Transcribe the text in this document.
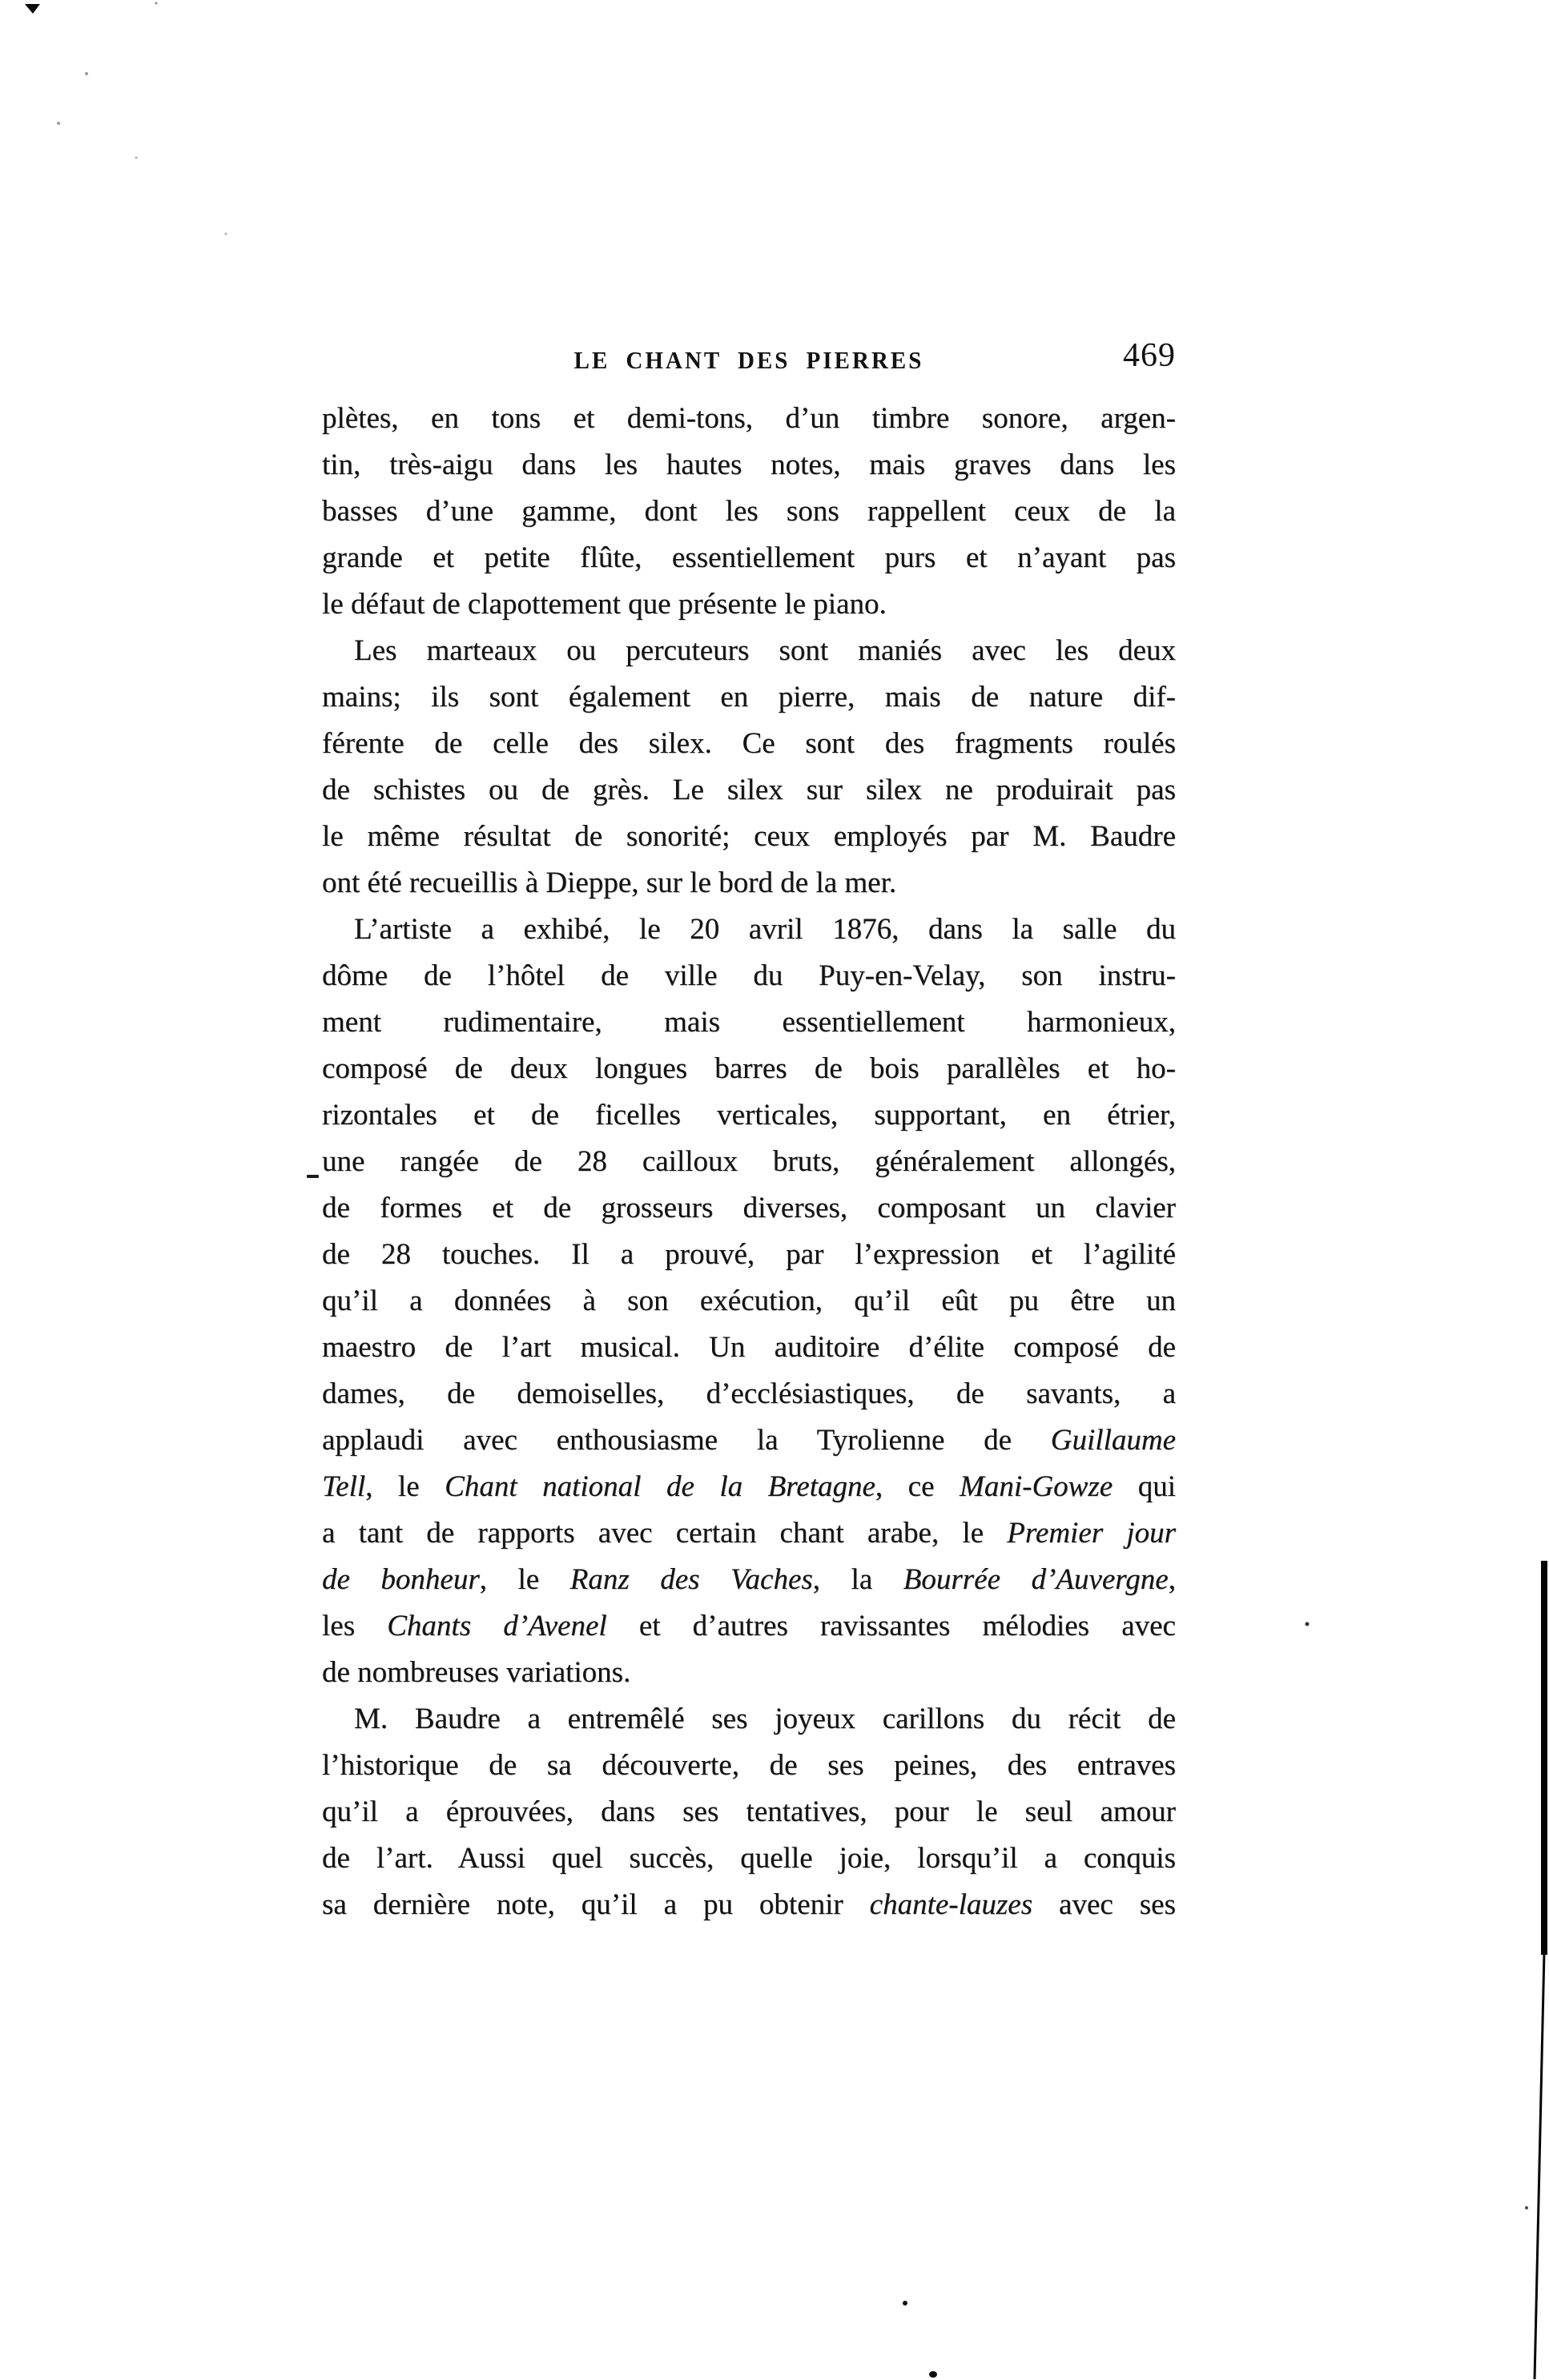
LE CHANT DES PIERRES	469
plètes, en tons et demi-tons, d’un timbre sonore, argen-
tin, très-aigu dans les hautes notes, mais graves dans les
basses d’une gamme, dont les sons rappellent ceux de la
grande et petite flûte, essentiellement purs et n’ayant pas
le défaut de clapottement que présente le piano.
Les marteaux ou percuteurs sont maniés avec les deux
mains; ils sont également en pierre, mais de nature dif-
férente de celle des silex. Ce sont des fragments roulés
de schistes ou de grès. Le silex sur silex ne produirait pas
le même résultat de sonorité; ceux employés par M. Baudre
ont été recueillis à Dieppe, sur le bord de la mer.
L’artiste a exhibé, le 20 avril 1876, dans la salle du
dôme de l’hôtel de ville du Puy-en-Velay, son instru-
ment rudimentaire, mais essentiellement harmonieux,
composé de deux longues barres de bois parallèles et ho-
rizontales et de ficelles verticales, supportant, en étrier,
une rangée de 28 cailloux bruts, généralement allongés,
de formes et de grosseurs diverses, composant un clavier
de 28 touches. Il a prouvé, par l’expression et l’agilité
qu’il a données à son exécution, qu’il eût pu être un
maestro de l’art musical. Un auditoire d’élite composé de
dames, de demoiselles, d’ecclésiastiques, de savants, a
applaudi avec enthousiasme la Tyrolienne de Guillaume
Tell, le Chant national de la Bretagne, ce Mani-Gowze qui
a tant de rapports avec certain chant arabe, le Premier jour
de bonheur, le Ranz des Vaches, la Bourrée d’Auvergne,
les Chants d’Avenel et d’autres ravissantes mélodies avec
de nombreuses variations.
M. Baudre a entremêlé ses joyeux carillons du récit de
l’historique de sa découverte, de ses peines, des entraves
qu’il a éprouvées, dans ses tentatives, pour le seul amour
de l’art. Aussi quel succès, quelle joie, lorsqu’il a conquis
sa dernière note, qu’il a pu obtenir chante-lauzes avec ses
